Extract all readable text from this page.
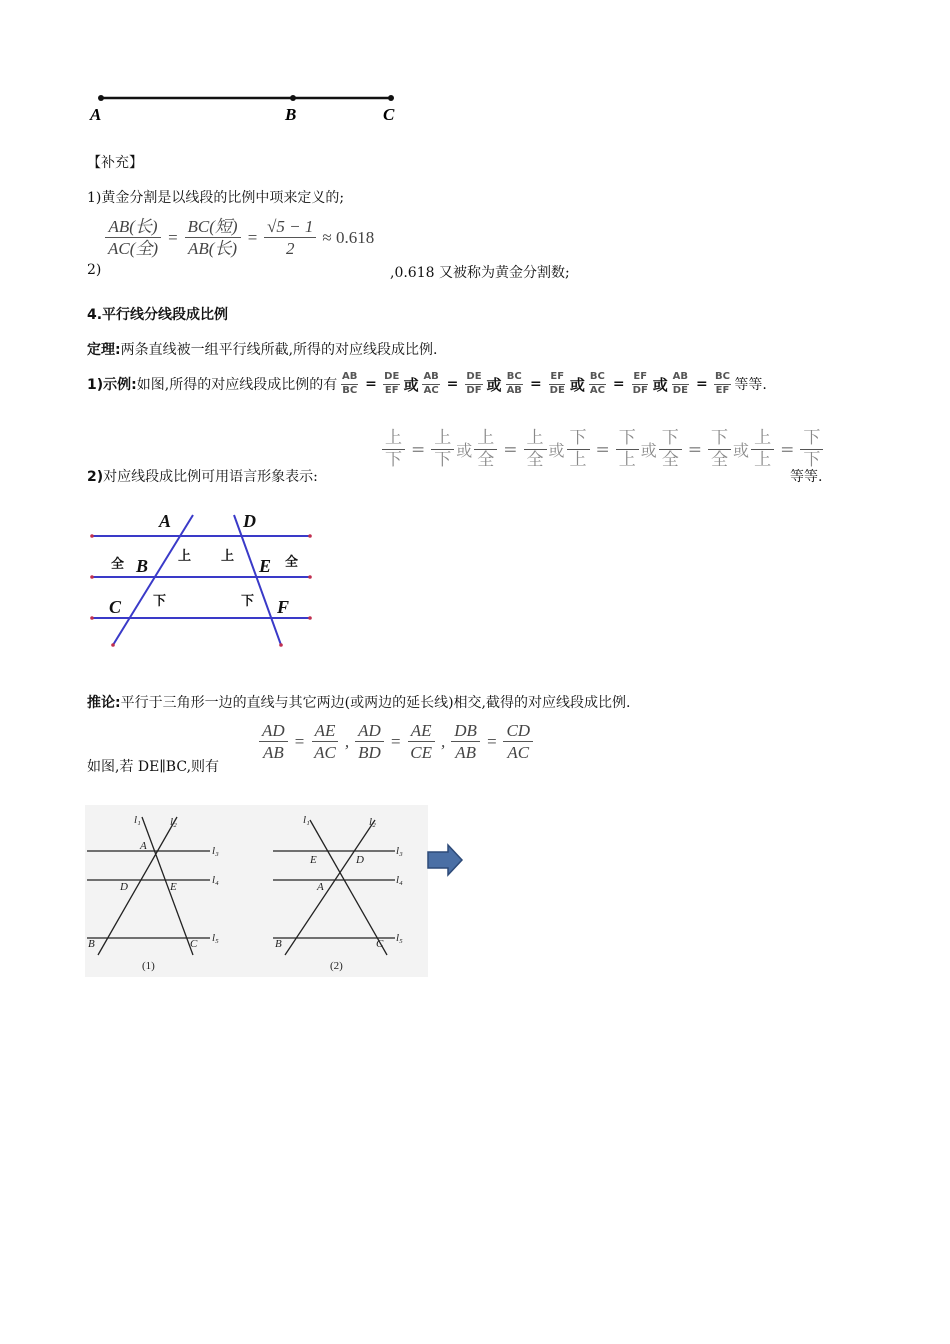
A	B	C
【补充】
1)黄金分割是以线段的比例中项来定义的;
2)
$\frac{\text{AB(长)}}{\text{AC(全)}} = \frac{\text{BC(短)}}{\text{AB(长)}} = \frac{√5 - 1}{2} \approx 0.618$
,0.618 又被称为黄金分割数;
4.平行线分线段成比例
定理:两条直线被一组平行线所截,所得的对应线段成比例.
1)示例: 如图,所得的对应线段成比例的有 $\frac{AB}{BC} = \frac{DE}{EF}$ 或 $\frac{AB}{AC} = \frac{DE}{DF}$ 或 $\frac{BC}{AB} = \frac{EF}{DE}$ 或 $\frac{BC}{AC} = \frac{EF}{DF}$ 或 $\frac{AB}{DE} = \frac{BC}{EF}$ 等等.
2)对应线段成比例可用语言形象表示:
$\frac{\text{上}}{\text{下}} = \frac{\text{上}}{\text{下}}$ 或 $\frac{\text{上}}{\text{全}} = \frac{\text{上}}{\text{全}}$ 或 $\frac{\text{下}}{\text{上}} = \frac{\text{下}}{\text{上}}$ 或 $\frac{\text{下}}{\text{全}} = \frac{\text{下}}{\text{全}}$ 或 $\frac{\text{上}}{\text{上}} = \frac{\text{下}}{\text{下}}$
等等.
A
B
C
D
E
F
全
上 上	全
下	下
推论:平行于三角形一边的直线与其它两边(或两边的延长线)相交,截得的对应线段成比例.
如图,若 DE∥BC,则有
$\frac{AD}{AB} = \frac{AE}{AC}$ , $\frac{AD}{BD} = \frac{AE}{CE}$ , $\frac{DB}{AB} = \frac{CD}{AC}$
l₁	l₂
l₃
l₄
l₅
A
D	E
B	C
(1)
l₁	l₂
l₃
l₄
l₅
E	D
A
B	C
(2)
